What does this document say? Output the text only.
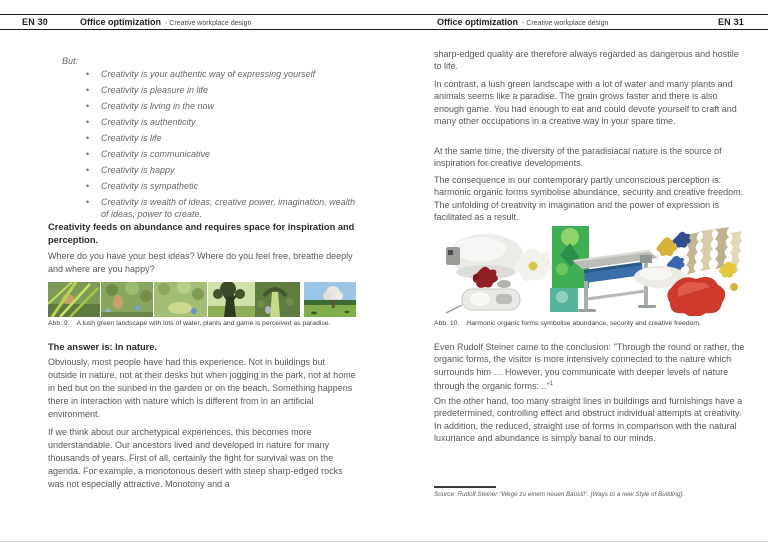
EN 30	Office optimization - Creative workplace design	Office optimization - Creative workplace design	EN 31
But:
• Creativity is your authentic way of expressing yourself
• Creativity is pleasure in life
• Creativity is living in the now
• Creativity is authenticity
• Creativity is life
• Creativity is communicative
• Creativity is happy
• Creativity is sympathetic
• Creativity is wealth of ideas, creative power, imagination, wealth of ideas, power to create.
Creativity feeds on abundance and requires space for inspiration and perception.

Where do you have your best ideas? Where do you feel free, breathe deeply and where are you happy?

Abb. 9. A lush green landscape with lots of water, plants and game is perceived as paradise.
The answer is: In nature.

Obviously, most people have had this experience. Not in buildings but outside in nature, not at their desks but when jogging in the park, not at home in bed but on the sunbed in the garden or on the beach. Something happens there in interaction with nature which is different from in an artificial environment.

If we think about our archetypical experiences, this becomes more understandable. Our ancestors lived and developed in nature for many thousands of years. First of all, certainly the fight for survival was on the agenda. For example, a monotonous desert with steep sharp-edged rocks was not especially attractive. Monotony and a

sharp-edged quality are therefore always regarded as dangerous and hostile to life.

In contrast, a lush green landscape with a lot of water and many plants and animals seems like a paradise. The grain grows faster and there is also enough game. You had enough to eat and could devote yourself to craft and many other occupations in a creative way in your spare time.

At the same time, the diversity of the paradisiacal nature is the source of inspiration for creative developments.

The consequence in our contemporary partly unconscious perception is: harmonic organic forms symbolise abundance, security and creative freedom. The unfolding of creativity in imagination and the power of expression is facilitated as a result.

Abb. 10. Harmonic organic forms symbolise abundance, security and creative freedom.

Even Rudolf Steiner came to the conclusion: "Through the round or rather, the organic forms, the visitor is more intensively connected to the nature which surrounds him … However, you communicate with deeper levels of nature through the organic forms: .."$^1$

On the other hand, too many straight lines in buildings and furnishings have a predetermined, controlling effect and obstruct individual attempts at creativity. In addition, the reduced, straight use of forms in comparison with the natural luxuriance and abundance is simply banal to our minds.

Source: Rudolf Steiner "Wege zu einem neuen Baustil". [Ways to a new Style of Building].
